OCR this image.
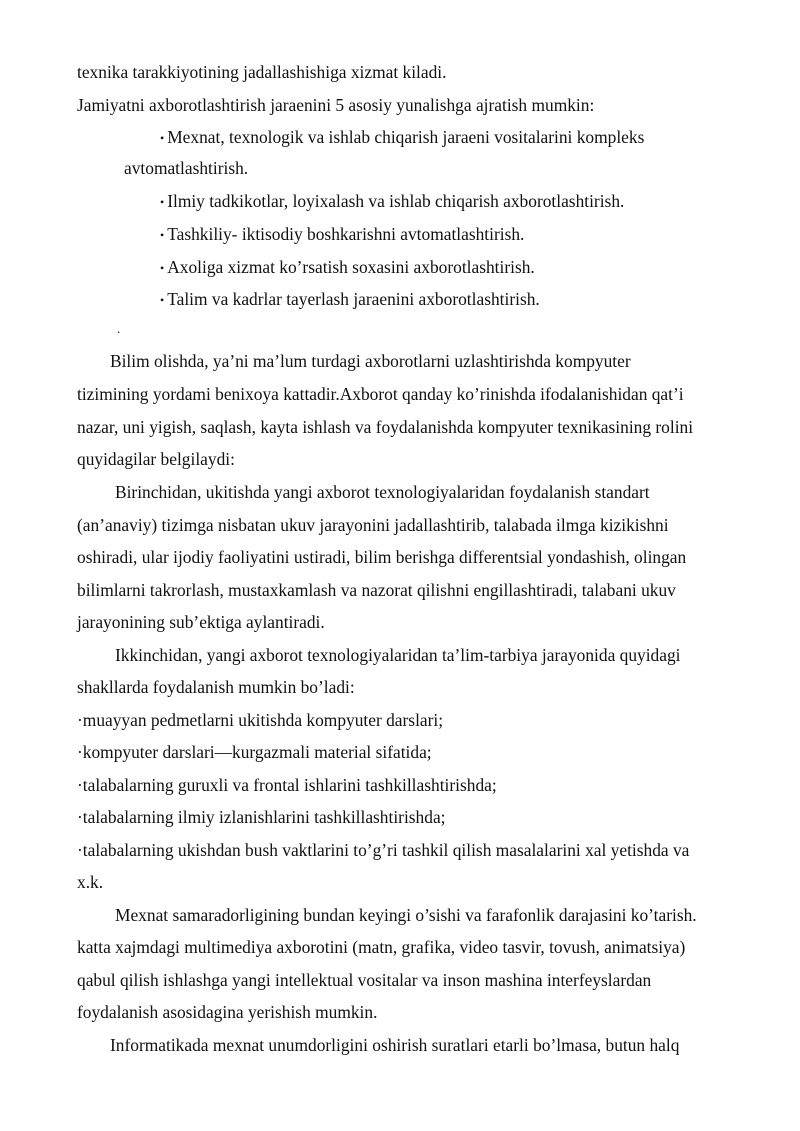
texnika tarakkiyotining jadallashishiga xizmat kiladi.

Jamiyatni axborotlashtirish jaraenini 5 asosiy yunalishga ajratish mumkin:

• Mexnat, texnologik va ishlab chiqarish jaraeni vositalarini kompleks

avtomatlashtirish.

• Ilmiy tadkikotlar, loyixalash va ishlab chiqarish axborotlashtirish.

• Tashkiliy- iktisodiy boshkarishni avtomatlashtirish.

• Axoliga xizmat ko’rsatish soxasini axborotlashtirish.

• Talim va kadrlar tayerlash jaraenini axborotlashtirish.

.

Bilim olishda, ya’ni ma’lum turdagi axborotlarni uzlashtirishda kompyuter

tizimining yordami benixoya kattadir.Axborot qanday ko’rinishda ifodalanishidan qat’i

nazar, uni yigish, saqlash, kayta ishlash va foydalanishda kompyuter texnikasining rolini

quyidagilar belgilaydi:

Birinchidan, ukitishda yangi axborot texnologiyalaridan foydalanish standart

(an’anaviy) tizimga nisbatan ukuv jarayonini jadallashtirib, talabada ilmga kizikishni

oshiradi, ular ijodiy faoliyatini ustiradi, bilim berishga differentsial yondashish, olingan

bilimlarni takrorlash, mustaxkamlash va nazorat qilishni engillashtiradi, talabani ukuv

jarayonining sub’ektiga aylantiradi.

Ikkinchidan, yangi axborot texnologiyalaridan ta’lim-tarbiya jarayonida quyidagi

shakllarda foydalanish mumkin bo’ladi:

·muayyan pedmetlarni ukitishda kompyuter darslari;

·kompyuter darslari—kurgazmali material sifatida;

·talabalarning guruxli va frontal ishlarini tashkillashtirishda;

·talabalarning ilmiy izlanishlarini tashkillashtirishda;

·talabalarning ukishdan bush vaktlarini to’g’ri tashkil qilish masalalarini xal yetishda va

x.k.

Mexnat samaradorligining bundan keyingi o’sishi va farafonlik darajasini ko’tarish.

katta xajmdagi multimediya axborotini (matn, grafika, video tasvir, tovush, animatsiya)

qabul qilish ishlashga yangi intellektual vositalar va inson mashina interfeyslardan

foydalanish asosidagina yerishish mumkin.

Informatikada mexnat unumdorligini oshirish suratlari etarli bo’lmasa, butun halq
